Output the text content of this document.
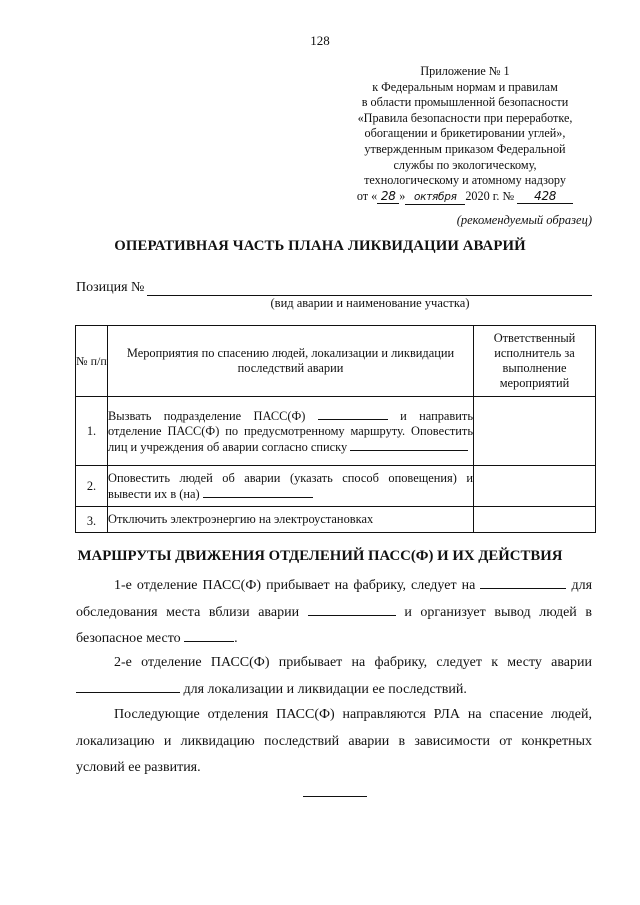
128
Приложение № 1
к Федеральным нормам и правилам
в области промышленной безопасности
«Правила безопасности при переработке,
обогащении и брикетировании углей»,
утвержденным приказом Федеральной
службы по экологическому,
технологическому и атомному надзору
от « 28 » октября 2020 г. № 428
(рекомендуемый образец)
ОПЕРАТИВНАЯ ЧАСТЬ ПЛАНА ЛИКВИДАЦИИ АВАРИЙ
Позиция №
(вид аварии и наименование участка)
№ п/п	Мероприятия по спасению людей, локализации и ликвидации последствий аварии	Ответственный исполнитель за выполнение мероприятий
1.	Вызвать подразделение ПАСС(Ф) и направить отделение ПАСС(Ф) по предусмотренному маршруту. Оповестить лиц и учреждения об аварии согласно списку	
2.	Оповестить людей об аварии (указать способ оповещения) и вывести их в (на)	
3.	Отключить электроэнергию на электроустановках	
МАРШРУТЫ ДВИЖЕНИЯ ОТДЕЛЕНИЙ ПАСС(Ф) И ИХ ДЕЙСТВИЯ
1-е отделение ПАСС(Ф) прибывает на фабрику, следует на	для обследования места вблизи аварии	и организует вывод людей в безопасное место	.
2-е отделение ПАСС(Ф) прибывает на фабрику, следует к месту аварии  для локализации и ликвидации ее последствий.
Последующие отделения ПАСС(Ф) направляются РЛА на спасение людей, локализацию и ликвидацию последствий аварии в зависимости от конкретных условий ее развития.
